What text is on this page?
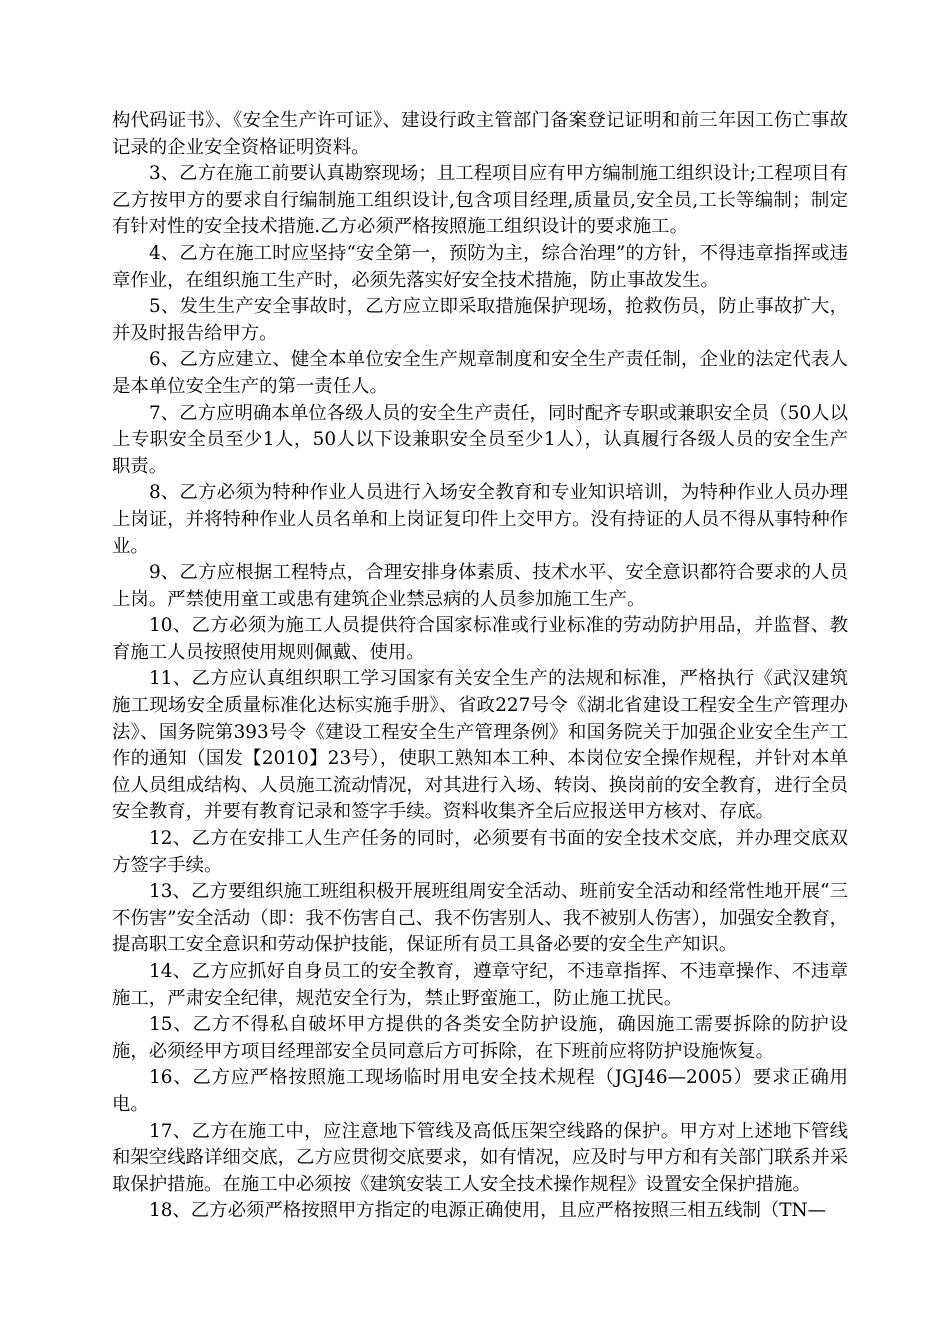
构代码证书》、《安全生产许可证》、建设行政主管部门备案登记证明和前三年因工伤亡事故记录的企业安全资格证明资料。

3、乙方在施工前要认真勘察现场；且工程项目应有甲方编制施工组织设计;工程项目有乙方按甲方的要求自行编制施工组织设计,包含项目经理,质量员,安全员,工长等编制；制定有针对性的安全技术措施.乙方必须严格按照施工组织设计的要求施工。

4、乙方在施工时应坚持“安全第一，预防为主，综合治理”的方针，不得违章指挥或违章作业，在组织施工生产时，必须先落实好安全技术措施，防止事故发生。

5、发生生产安全事故时，乙方应立即采取措施保护现场，抢救伤员，防止事故扩大，并及时报告给甲方。

6、乙方应建立、健全本单位安全生产规章制度和安全生产责任制，企业的法定代表人是本单位安全生产的第一责任人。

7、乙方应明确本单位各级人员的安全生产责任，同时配齐专职或兼职安全员（50人以上专职安全员至少1人，50人以下设兼职安全员至少1人），认真履行各级人员的安全生产职责。

8、乙方必须为特种作业人员进行入场安全教育和专业知识培训，为特种作业人员办理上岗证，并将特种作业人员名单和上岗证复印件上交甲方。没有持证的人员不得从事特种作业。

9、乙方应根据工程特点，合理安排身体素质、技术水平、安全意识都符合要求的人员上岗。严禁使用童工或患有建筑企业禁忌病的人员参加施工生产。

10、乙方必须为施工人员提供符合国家标准或行业标准的劳动防护用品，并监督、教育施工人员按照使用规则佩戴、使用。

11、乙方应认真组织职工学习国家有关安全生产的法规和标准，严格执行《武汉建筑施工现场安全质量标准化达标实施手册》、省政227号令《湖北省建设工程安全生产管理办法》、国务院第393号令《建设工程安全生产管理条例》和国务院关于加强企业安全生产工作的通知（国发【2010】23号），使职工熟知本工种、本岗位安全操作规程，并针对本单位人员组成结构、人员施工流动情况，对其进行入场、转岗、换岗前的安全教育，进行全员安全教育，并要有教育记录和签字手续。资料收集齐全后应报送甲方核对、存底。

12、乙方在安排工人生产任务的同时，必须要有书面的安全技术交底，并办理交底双方签字手续。

13、乙方要组织施工班组积极开展班组周安全活动、班前安全活动和经常性地开展“三不伤害”安全活动（即：我不伤害自己、我不伤害别人、我不被别人伤害），加强安全教育，提高职工安全意识和劳动保护技能，保证所有员工具备必要的安全生产知识。

14、乙方应抓好自身员工的安全教育，遵章守纪，不违章指挥、不违章操作、不违章施工，严肃安全纪律，规范安全行为，禁止野蛮施工，防止施工扰民。

15、乙方不得私自破坏甲方提供的各类安全防护设施，确因施工需要拆除的防护设施，必须经甲方项目经理部安全员同意后方可拆除，在下班前应将防护设施恢复。

16、乙方应严格按照施工现场临时用电安全技术规程（JGJ46—2005）要求正确用电。

17、乙方在施工中，应注意地下管线及高低压架空线路的保护。甲方对上述地下管线和架空线路详细交底，乙方应贯彻交底要求，如有情况，应及时与甲方和有关部门联系并采取保护措施。在施工中必须按《建筑安装工人安全技术操作规程》设置安全保护措施。

18、乙方必须严格按照甲方指定的电源正确使用，且应严格按照三相五线制（TN—
